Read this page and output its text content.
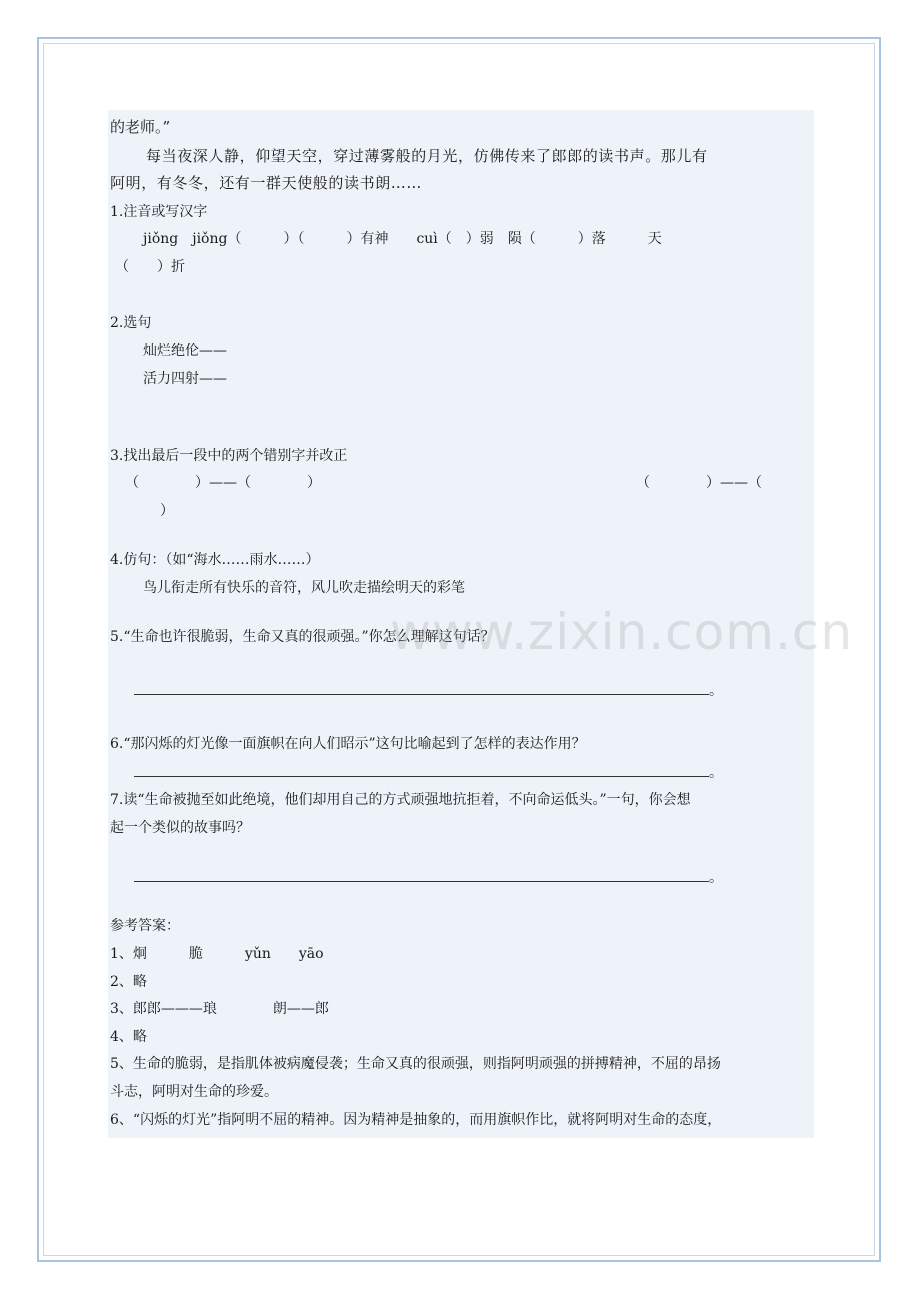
的老师。”
每当夜深人静，仰望天空，穿过薄雾般的月光，仿佛传来了郎郎的读书声。那儿有
阿明，有冬冬，还有一群天使般的读书朗……
1.注音或写汉字
jiǒng　jiǒng（　　　）（　　　）有神　　cuì（　）弱　陨（　　　）落　　　天
（　　）折
2.选句
灿烂绝伦——
活力四射——
3.找出最后一段中的两个错别字并改正
（　　　　）——（　　　　）	（　　　　）——（
）
4.仿句：（如“海水……雨水……）
鸟儿衔走所有快乐的音符，风儿吹走描绘明天的彩笔
5.“生命也许很脆弱，生命又真的很顽强。”你怎么理解这句话？
。
6.“那闪烁的灯光像一面旗帜在向人们昭示”这句比喻起到了怎样的表达作用？
。
7.读“生命被抛至如此绝境，他们却用自己的方式顽强地抗拒着，不向命运低头。”一句，你会想
起一个类似的故事吗？
。
参考答案：
1、炯　　　脆　　　yǔn　　yāo
2、略
3、郎郎———琅　　　　朗——郎
4、略
5、生命的脆弱，是指肌体被病魔侵袭；生命又真的很顽强，则指阿明顽强的拼搏精神，不屈的昂扬
斗志，阿明对生命的珍爱。
6、“闪烁的灯光”指阿明不屈的精神。因为精神是抽象的，而用旗帜作比，就将阿明对生命的态度，
www.zixin.com.cn
